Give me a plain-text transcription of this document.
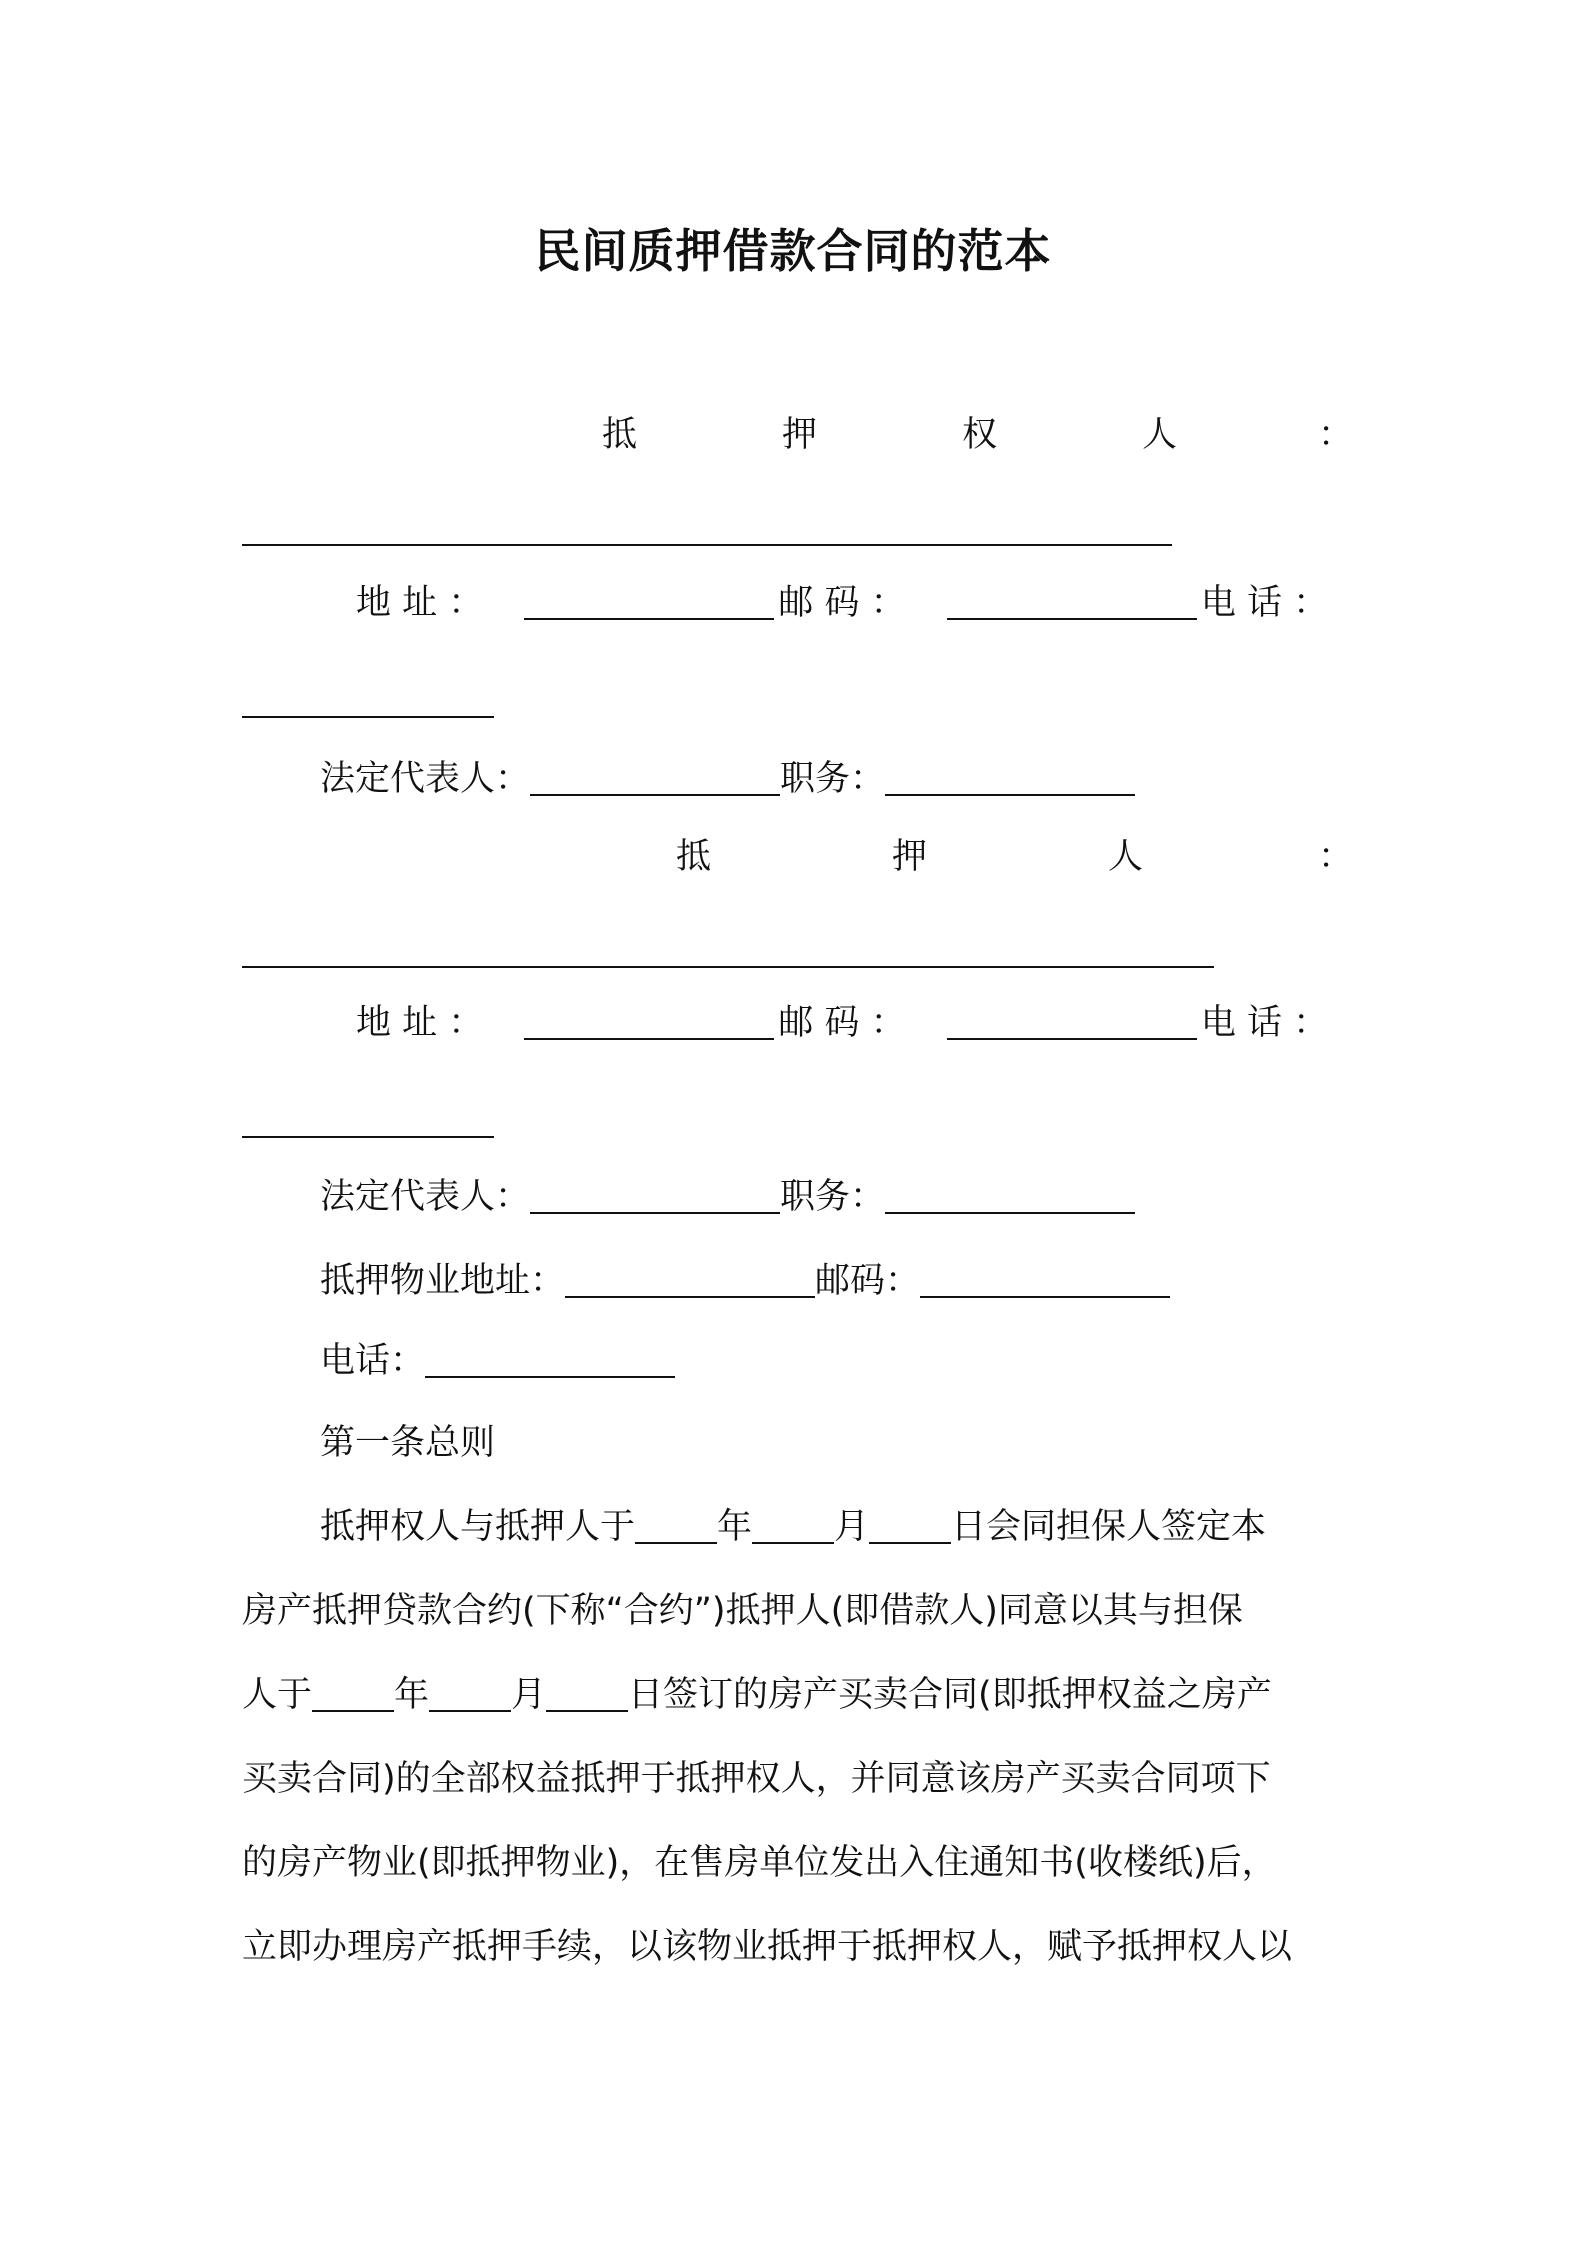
民间质押借款合同的范本
抵	押	权	人	：
地 址 ：	邮 码 ：	电 话 ：
法定代表人：	职务：
抵	押	人	：
地 址 ：	邮 码 ：	电 话 ：
法定代表人：	职务：
抵押物业地址：	邮码：
电话：
第一条总则
抵押权人与抵押人于 年 月 日会同担保人签定本
房产抵押贷款合约(下称“合约”)抵押人(即借款人)同意以其与担保
人于 年 月 日签订的房产买卖合同(即抵押权益之房产
买卖合同)的全部权益抵押于抵押权人，并同意该房产买卖合同项下
的房产物业(即抵押物业)，在售房单位发出入住通知书(收楼纸)后，
立即办理房产抵押手续，以该物业抵押于抵押权人，赋予抵押权人以
